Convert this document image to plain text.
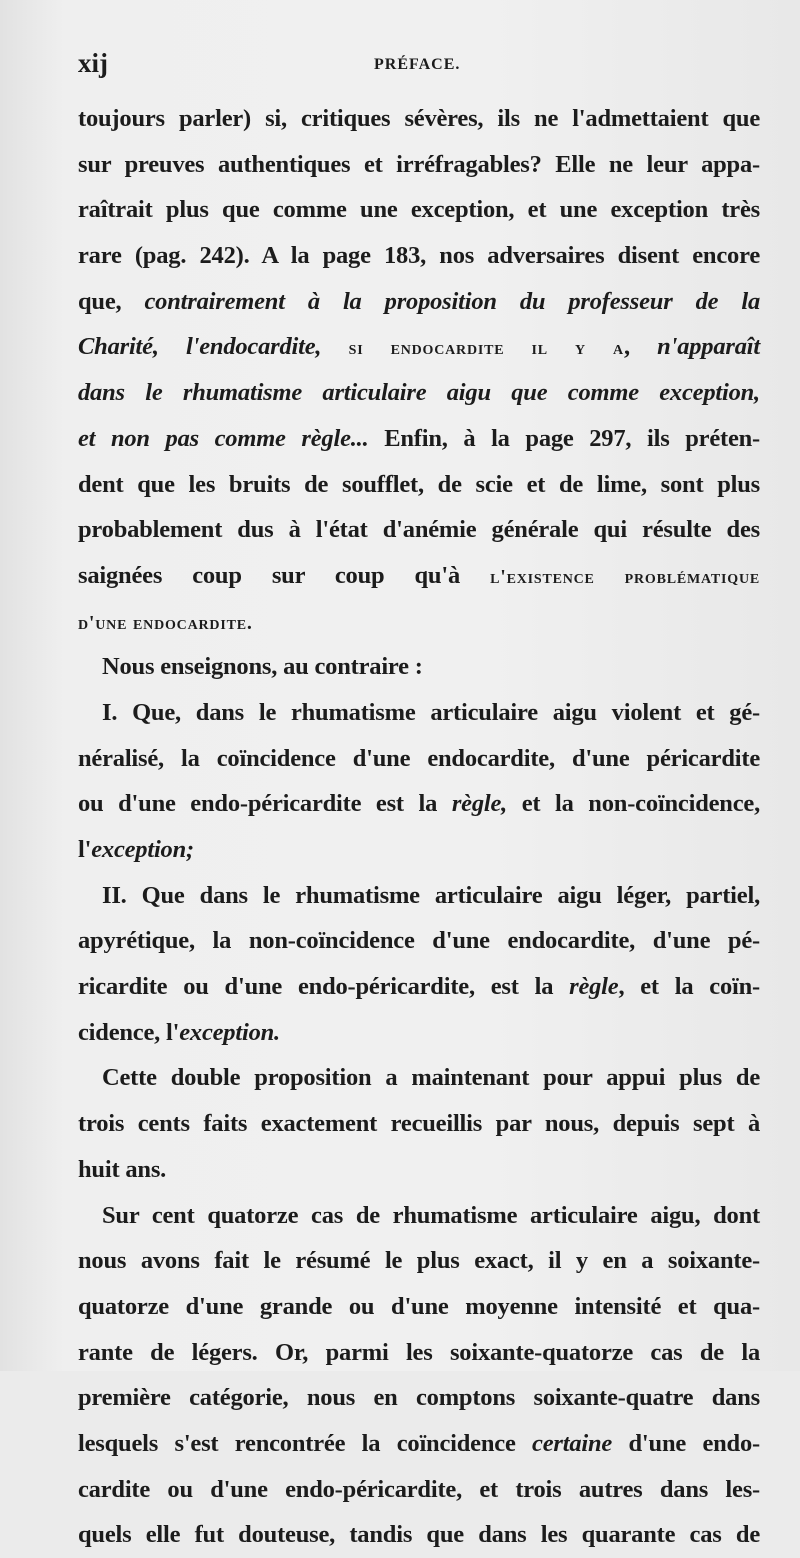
xij	PRÉFACE.
toujours parler) si, critiques sévères, ils ne l'admettaient que
sur preuves authentiques et irréfragables? Elle ne leur appa-
raîtrait plus que comme une exception, et une exception très
rare (pag. 242). A la page 183, nos adversaires disent encore
que, contrairement à la proposition du professeur de la
Charité, l'endocardite, si endocardite il y a, n'apparaît
dans le rhumatisme articulaire aigu que comme exception,
et non pas comme règle... Enfin, à la page 297, ils préten-
dent que les bruits de soufflet, de scie et de lime, sont plus
probablement dus à l'état d'anémie générale qui résulte des
saignées coup sur coup qu'à l'existence problématique
d'une endocardite.
Nous enseignons, au contraire :
I. Que, dans le rhumatisme articulaire aigu violent et gé-
néralisé, la coïncidence d'une endocardite, d'une péricardite
ou d'une endo-péricardite est la règle, et la non-coïncidence,
l'exception;
II. Que dans le rhumatisme articulaire aigu léger, partiel,
apyrétique, la non-coïncidence d'une endocardite, d'une pé-
ricardite ou d'une endo-péricardite, est la règle, et la coïn-
cidence, l'exception.
Cette double proposition a maintenant pour appui plus de
trois cents faits exactement recueillis par nous, depuis sept à
huit ans.
Sur cent quatorze cas de rhumatisme articulaire aigu, dont
nous avons fait le résumé le plus exact, il y en a soixante-
quatorze d'une grande ou d'une moyenne intensité et qua-
rante de légers. Or, parmi les soixante-quatorze cas de la
première catégorie, nous en comptons soixante-quatre dans
lesquels s'est rencontrée la coïncidence certaine d'une endo-
cardite ou d'une endo-péricardite, et trois autres dans les-
quels elle fut douteuse, tandis que dans les quarante cas de
